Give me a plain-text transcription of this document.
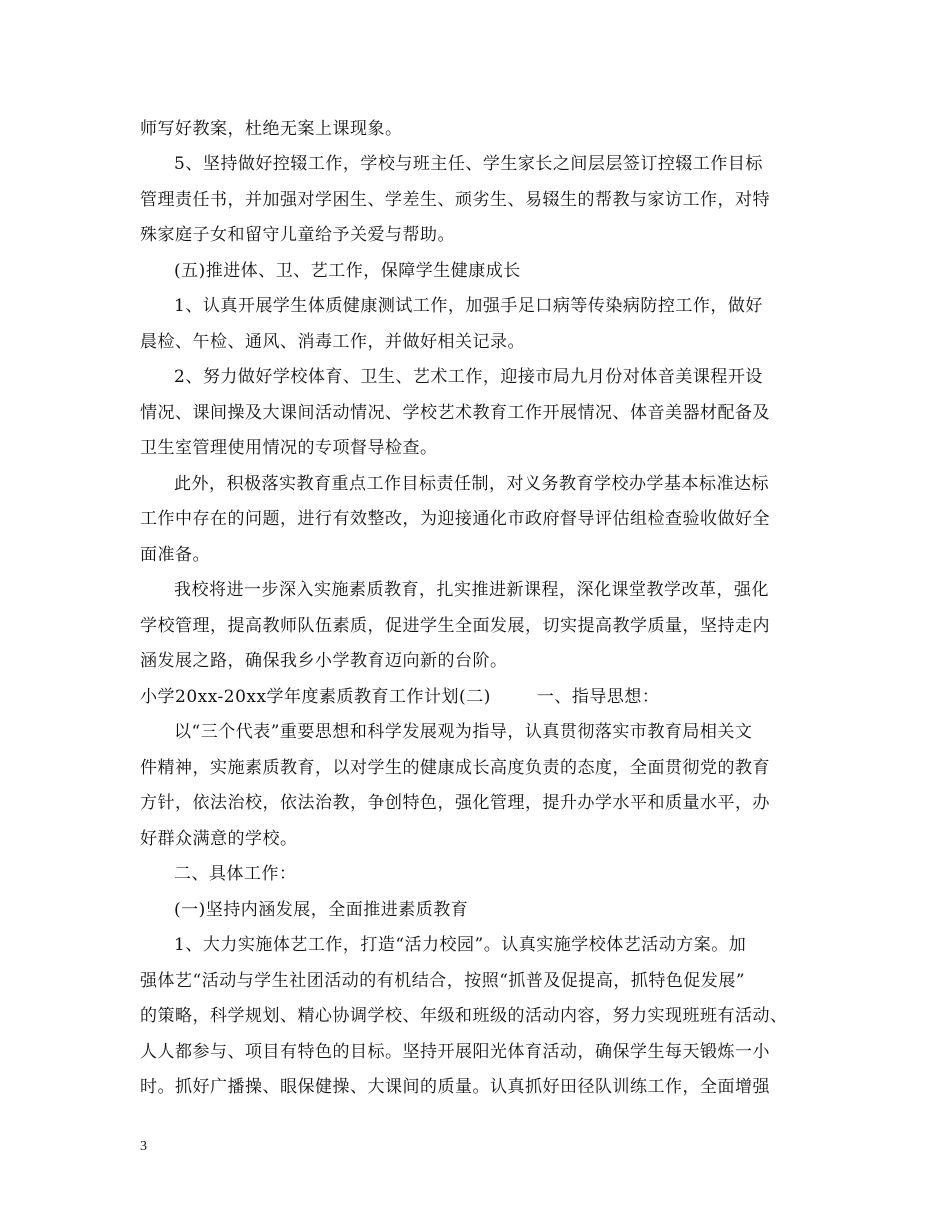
师写好教案，杜绝无案上课现象。
5、坚持做好控辍工作，学校与班主任、学生家长之间层层签订控辍工作目标
管理责任书，并加强对学困生、学差生、顽劣生、易辍生的帮教与家访工作，对特
殊家庭子女和留守儿童给予关爱与帮助。
(五)推进体、卫、艺工作，保障学生健康成长
1、认真开展学生体质健康测试工作，加强手足口病等传染病防控工作，做好
晨检、午检、通风、消毒工作，并做好相关记录。
2、努力做好学校体育、卫生、艺术工作，迎接市局九月份对体音美课程开设
情况、课间操及大课间活动情况、学校艺术教育工作开展情况、体音美器材配备及
卫生室管理使用情况的专项督导检查。
此外，积极落实教育重点工作目标责任制，对义务教育学校办学基本标准达标
工作中存在的问题，进行有效整改，为迎接通化市政府督导评估组检查验收做好全
面准备。
我校将进一步深入实施素质教育，扎实推进新课程，深化课堂教学改革，强化
学校管理，提高教师队伍素质，促进学生全面发展，切实提高教学质量，坚持走内
涵发展之路，确保我乡小学教育迈向新的台阶。
小学20xx-20xx学年度素质教育工作计划(二)	一、指导思想：
以“三个代表”重要思想和科学发展观为指导，认真贯彻落实市教育局相关文
件精神，实施素质教育，以对学生的健康成长高度负责的态度，全面贯彻党的教育
方针，依法治校，依法治教，争创特色，强化管理，提升办学水平和质量水平，办
好群众满意的学校。
二、具体工作：
(一)坚持内涵发展，全面推进素质教育
1、大力实施体艺工作，打造“活力校园”。认真实施学校体艺活动方案。加
强体艺“活动与学生社团活动的有机结合，按照“抓普及促提高，抓特色促发展”
的策略，科学规划、精心协调学校、年级和班级的活动内容，努力实现班班有活动、
人人都参与、项目有特色的目标。坚持开展阳光体育活动，确保学生每天锻炼一小
时。抓好广播操、眼保健操、大课间的质量。认真抓好田径队训练工作，全面增强
3
